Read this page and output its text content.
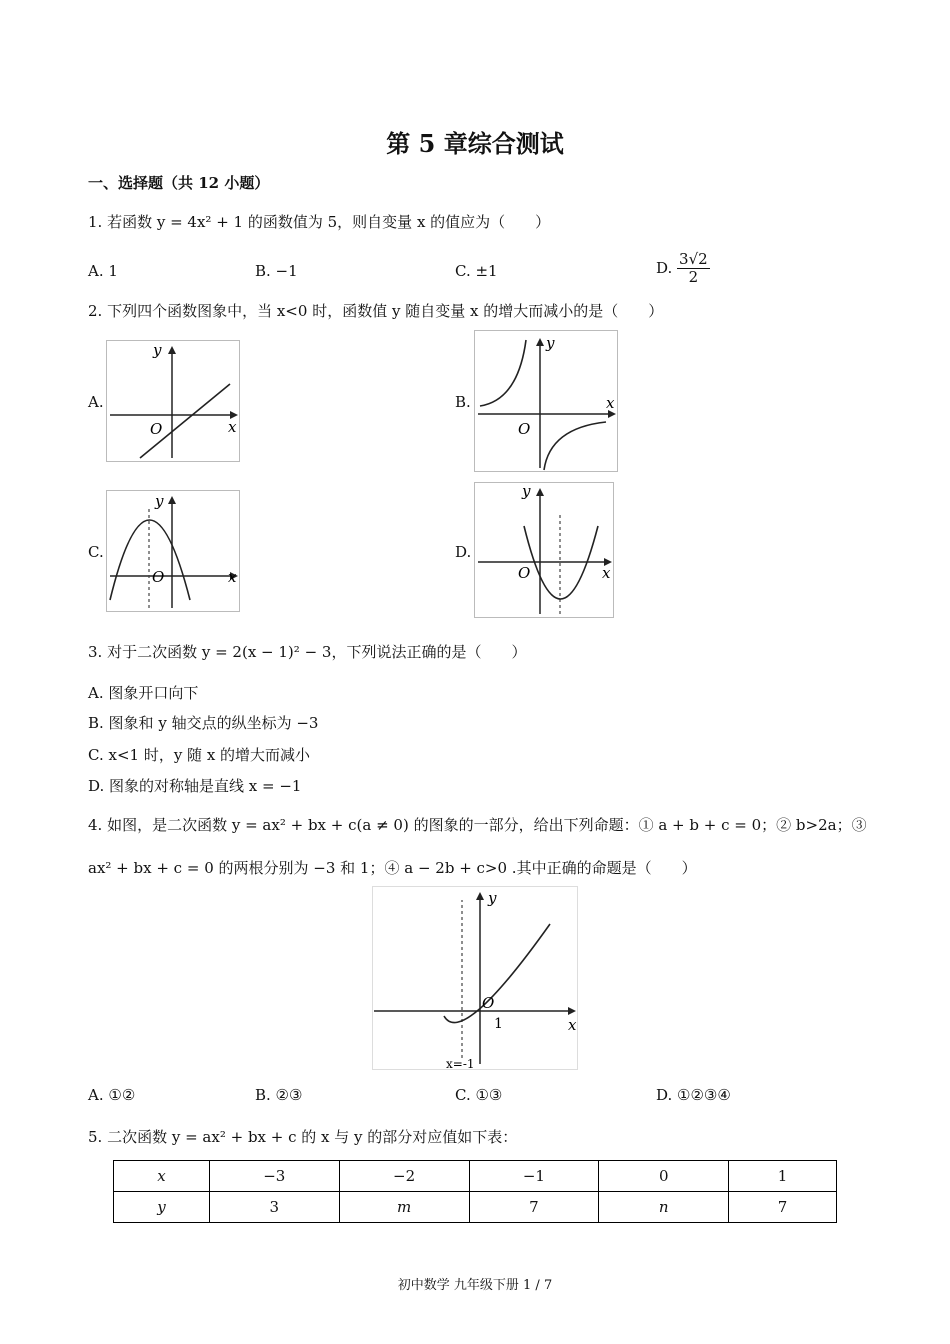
第 5 章综合测试
一、选择题（共 12 小题）
1. 若函数 y = 4x² + 1 的函数值为 5，则自变量 x 的值应为（　　）
A. 1	B. −1	C. ±1	D. $\frac{3√2}{2}$
2. 下列四个函数图象中，当 x<0 时，函数值 y 随自变量 x 的增大而减小的是（　　）
A.
y
x
O
B.
y
x
O
C.
y
x
O
D.
y
x
O
3. 对于二次函数 y = 2(x − 1)² − 3，下列说法正确的是（　　）
A. 图象开口向下
B. 图象和 y 轴交点的纵坐标为 −3
C. x<1 时，y 随 x 的增大而减小
D. 图象的对称轴是直线 x = −1
4. 如图，是二次函数 y = ax² + bx + c(a ≠ 0) 的图象的一部分，给出下列命题：① a + b + c = 0；② b>2a；③
ax² + bx + c = 0 的两根分别为 −3 和 1；④ a − 2b + c>0 .其中正确的命题是（　　）
y
x
O
1
x=-1
A. ①②	B. ②③	C. ①③	D. ①②③④
5. 二次函数 y = ax² + bx + c 的 x 与 y 的部分对应值如下表：
x	−3	−2	−1	0	1
y	3	m	7	n	7
初中数学 九年级下册 1 / 7
